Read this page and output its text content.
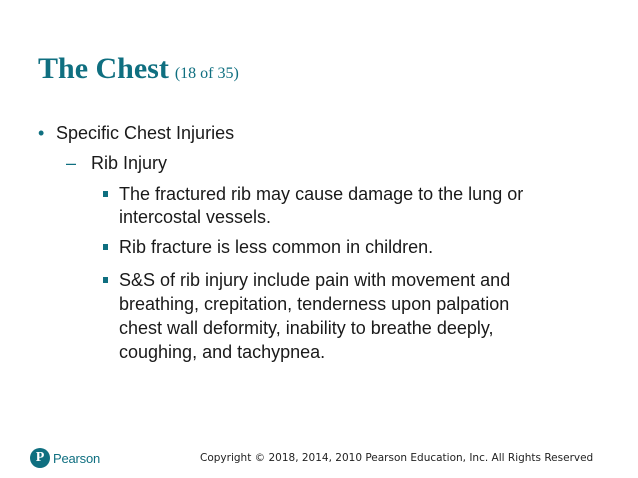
The Chest (18 of 35)
• Specific Chest Injuries
– Rib Injury
The fractured rib may cause damage to the lung or
intercostal vessels.
Rib fracture is less common in children.
S&S of rib injury include pain with movement and
breathing, crepitation, tenderness upon palpation
chest wall deformity, inability to breathe deeply,
coughing, and tachypnea.
P Pearson	Copyright © 2018, 2014, 2010 Pearson Education, Inc. All Rights Reserved
